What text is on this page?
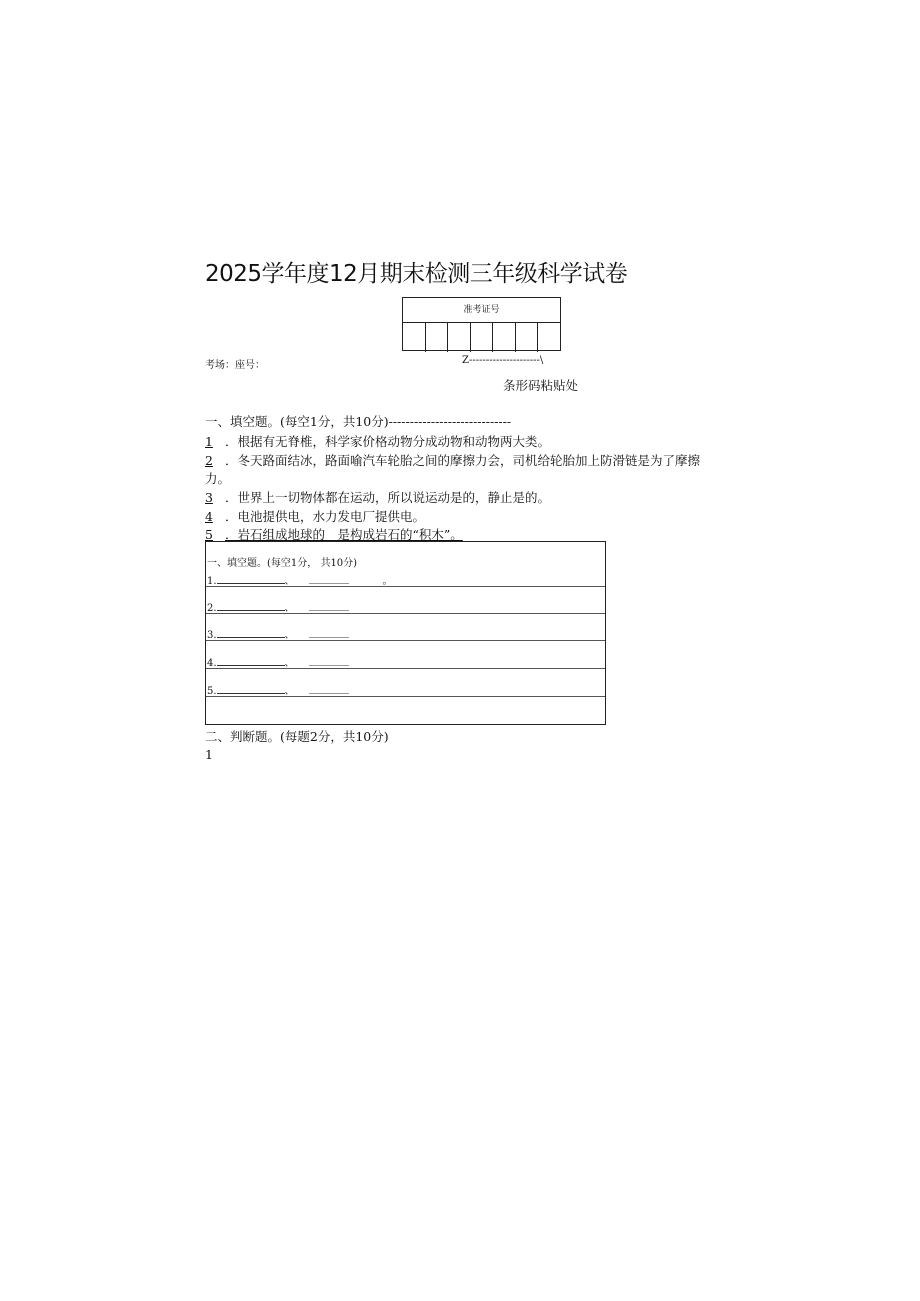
2025学年度12月期末检测三年级科学试卷
准考证号
考场：座号：	Z---------------------\
条形码粘贴处
一、填空题。(每空1分，共10分)-----------------------------
1 ．根据有无脊椎，科学家价格动物分成动物和动物两大类。
2 ．冬天路面结冰，路面喻汽车轮胎之间的摩擦力会，司机给轮胎加上防滑链是为了摩擦
力。
3 ．世界上一切物体都在运动，所以说运动是的，静止是的。
4 ．电池提供电，水力发电厂提供电。
5 ．岩石组成地球的__是构成岩石的“积木”。
一、填空题。(每空1分， 共10分)
1.	、	。
2.	、
3.	、
4.	、
5.	、
二、判断题。(每题2分，共10分)
1
